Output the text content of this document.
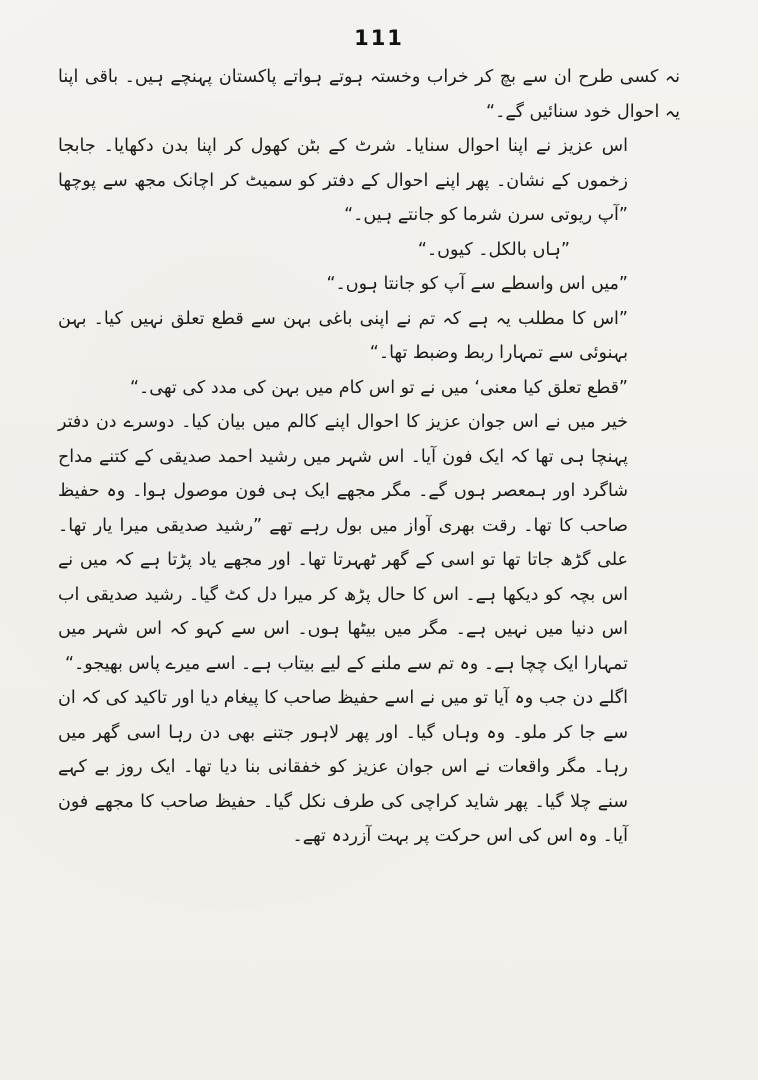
111

نہ کسی طرح ان سے بچ کر خراب وخستہ ہوتے ہواتے پاکستان پہنچے ہیں۔ باقی اپنا یہ احوال خود سنائیں گے۔“

اس عزیز نے اپنا احوال سنایا۔ شرٹ کے بٹن کھول کر اپنا بدن دکھایا۔ جابجا زخموں کے نشان۔ پھر اپنے احوال کے دفتر کو سمیٹ کر اچانک مجھ سے پوچھا ”آپ ریوتی سرن شرما کو جانتے ہیں۔“

”ہاں بالکل۔ کیوں۔“

”میں اس واسطے سے آپ کو جانتا ہوں۔“

”اس کا مطلب یہ ہے کہ تم نے اپنی باغی بہن سے قطع تعلق نہیں کیا۔ بہن بہنوئی سے تمہارا ربط وضبط تھا۔“

”قطع تعلق کیا معنی‘ میں نے تو اس کام میں بہن کی مدد کی تھی۔“

خیر میں نے اس جوان عزیز کا احوال اپنے کالم میں بیان کیا۔ دوسرے دن دفتر پہنچا ہی تھا کہ ایک فون آیا۔ اس شہر میں رشید احمد صدیقی کے کتنے مداح شاگرد اور ہمعصر ہوں گے۔ مگر مجھے ایک ہی فون موصول ہوا۔ وہ حفیظ صاحب کا تھا۔ رقت بھری آواز میں بول رہے تھے ”رشید صدیقی میرا یار تھا۔ علی گڑھ جاتا تھا تو اسی کے گھر ٹھہرتا تھا۔ اور مجھے یاد پڑتا ہے کہ میں نے اس بچہ کو دیکھا ہے۔ اس کا حال پڑھ کر میرا دل کٹ گیا۔ رشید صدیقی اب اس دنیا میں نہیں ہے۔ مگر میں بیٹھا ہوں۔ اس سے کہو کہ اس شہر میں تمہارا ایک چچا ہے۔ وہ تم سے ملنے کے لیے بیتاب ہے۔ اسے میرے پاس بھیجو۔“

اگلے دن جب وہ آیا تو میں نے اسے حفیظ صاحب کا پیغام دیا اور تاکید کی کہ ان سے جا کر ملو۔ وہ وہاں گیا۔ اور پھر لاہور جتنے بھی دن رہا اسی گھر میں رہا۔ مگر واقعات نے اس جوان عزیز کو خفقانی بنا دیا تھا۔ ایک روز بے کہے سنے چلا گیا۔ پھر شاید کراچی کی طرف نکل گیا۔ حفیظ صاحب کا مجھے فون آیا۔ وہ اس کی اس حرکت پر بہت آزردہ تھے۔
